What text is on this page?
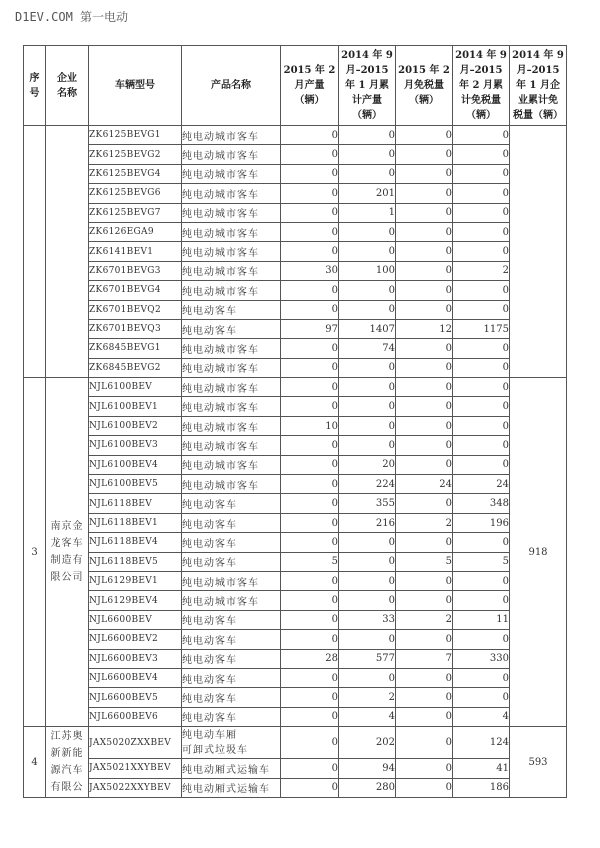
D1EV.COM 第一电动
序
号	企业
名称	车辆型号	产品名称	2015 年 2
月产量
（辆）	2014 年 9
月–2015
年 1 月累
计产量
（辆）	2015 年 2
月免税量
（辆）	2014 年 9
月–2015
年 2 月累
计免税量
（辆）	2014 年 9
月–2015
年 1 月企
业累计免
税量（辆）

		ZK6125BEVG1	纯电动城市客车	0	0	0	0	
		ZK6125BEVG2	纯电动城市客车	0	0	0	0	
		ZK6125BEVG4	纯电动城市客车	0	0	0	0	
		ZK6125BEVG6	纯电动城市客车	0	201	0	0	
		ZK6125BEVG7	纯电动城市客车	0	1	0	0	
		ZK6126EGA9	纯电动城市客车	0	0	0	0	
		ZK6141BEV1	纯电动城市客车	0	0	0	0	
		ZK6701BEVG3	纯电动城市客车	30	100	0	2	
		ZK6701BEVG4	纯电动城市客车	0	0	0	0	
		ZK6701BEVQ2	纯电动客车	0	0	0	0	
		ZK6701BEVQ3	纯电动客车	97	1407	12	1175	
		ZK6845BEVG1	纯电动城市客车	0	74	0	0	
		ZK6845BEVG2	纯电动城市客车	0	0	0	0	
3	南京金
龙客车
制造有
限公司	NJL6100BEV	纯电动城市客车	0	0	0	0	918
		NJL6100BEV1	纯电动城市客车	0	0	0	0	
		NJL6100BEV2	纯电动城市客车	10	0	0	0	
		NJL6100BEV3	纯电动城市客车	0	0	0	0	
		NJL6100BEV4	纯电动城市客车	0	20	0	0	
		NJL6100BEV5	纯电动城市客车	0	224	24	24	
		NJL6118BEV	纯电动客车	0	355	0	348	
		NJL6118BEV1	纯电动客车	0	216	2	196	
		NJL6118BEV4	纯电动客车	0	0	0	0	
		NJL6118BEV5	纯电动客车	5	0	5	5	
		NJL6129BEV1	纯电动城市客车	0	0	0	0	
		NJL6129BEV4	纯电动城市客车	0	0	0	0	
		NJL6600BEV	纯电动客车	0	33	2	11	
		NJL6600BEV2	纯电动客车	0	0	0	0	
		NJL6600BEV3	纯电动客车	28	577	7	330	
		NJL6600BEV4	纯电动客车	0	0	0	0	
		NJL6600BEV5	纯电动客车	0	2	0	0	
		NJL6600BEV6	纯电动客车	0	4	0	4	
4	江苏奥
新新能
源汽车
有限公	JAX5020ZXXBEV	纯电动车厢
可卸式垃圾车	0	202	0	124	593
		JAX5021XXYBEV	纯电动厢式运输车	0	94	0	41	
		JAX5022XXYBEV	纯电动厢式运输车	0	280	0	186	
